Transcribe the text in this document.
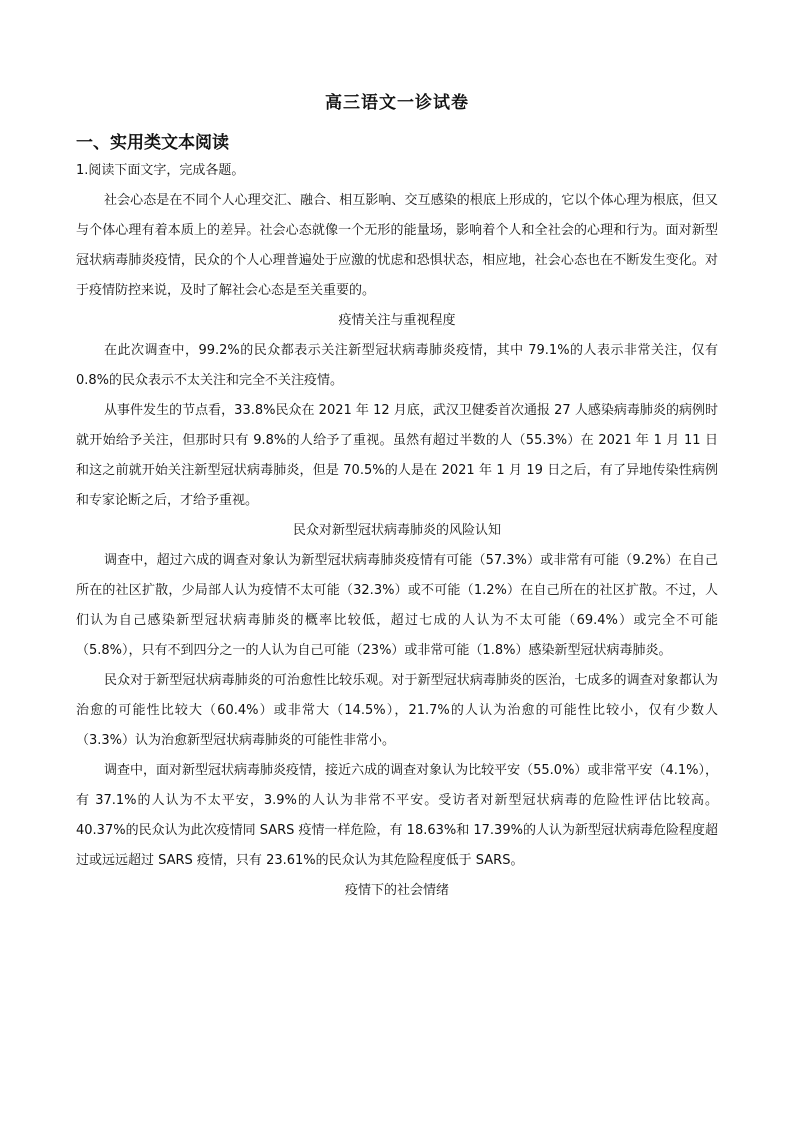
高三语文一诊试卷
一、实用类文本阅读

1.阅读下面文字，完成各题。

社会心态是在不同个人心理交汇、融合、相互影响、交互感染的根底上形成的，它以个体心理为根底，但又与个体心理有着本质上的差异。社会心态就像一个无形的能量场，影响着个人和全社会的心理和行为。面对新型冠状病毒肺炎疫情，民众的个人心理普遍处于应激的忧虑和恐惧状态，相应地，社会心态也在不断发生变化。对于疫情防控来说，及时了解社会心态是至关重要的。

疫情关注与重视程度

在此次调查中，99.2%的民众都表示关注新型冠状病毒肺炎疫情，其中 79.1%的人表示非常关注，仅有 0.8%的民众表示不太关注和完全不关注疫情。

从事件发生的节点看，33.8%民众在 2021 年 12 月底，武汉卫健委首次通报 27 人感染病毒肺炎的病例时就开始给予关注，但那时只有 9.8%的人给予了重视。虽然有超过半数的人（55.3%）在 2021 年 1 月 11 日和这之前就开始关注新型冠状病毒肺炎，但是 70.5%的人是在 2021 年 1 月 19 日之后，有了异地传染性病例和专家论断之后，才给予重视。

民众对新型冠状病毒肺炎的风险认知

调查中，超过六成的调查对象认为新型冠状病毒肺炎疫情有可能（57.3%）或非常有可能（9.2%）在自己所在的社区扩散，少局部人认为疫情不太可能（32.3%）或不可能（1.2%）在自己所在的社区扩散。不过，人们认为自己感染新型冠状病毒肺炎的概率比较低，超过七成的人认为不太可能（69.4%）或完全不可能（5.8%），只有不到四分之一的人认为自己可能（23%）或非常可能（1.8%）感染新型冠状病毒肺炎。

民众对于新型冠状病毒肺炎的可治愈性比较乐观。对于新型冠状病毒肺炎的医治，七成多的调查对象都认为治愈的可能性比较大（60.4%）或非常大（14.5%），21.7%的人认为治愈的可能性比较小，仅有少数人（3.3%）认为治愈新型冠状病毒肺炎的可能性非常小。

调查中，面对新型冠状病毒肺炎疫情，接近六成的调查对象认为比较平安（55.0%）或非常平安（4.1%），有 37.1%的人认为不太平安，3.9%的人认为非常不平安。受访者对新型冠状病毒的危险性评估比较高。40.37%的民众认为此次疫情同 SARS 疫情一样危险，有 18.63%和 17.39%的人认为新型冠状病毒危险程度超过或远远超过 SARS 疫情，只有 23.61%的民众认为其危险程度低于 SARS。

疫情下的社会情绪
